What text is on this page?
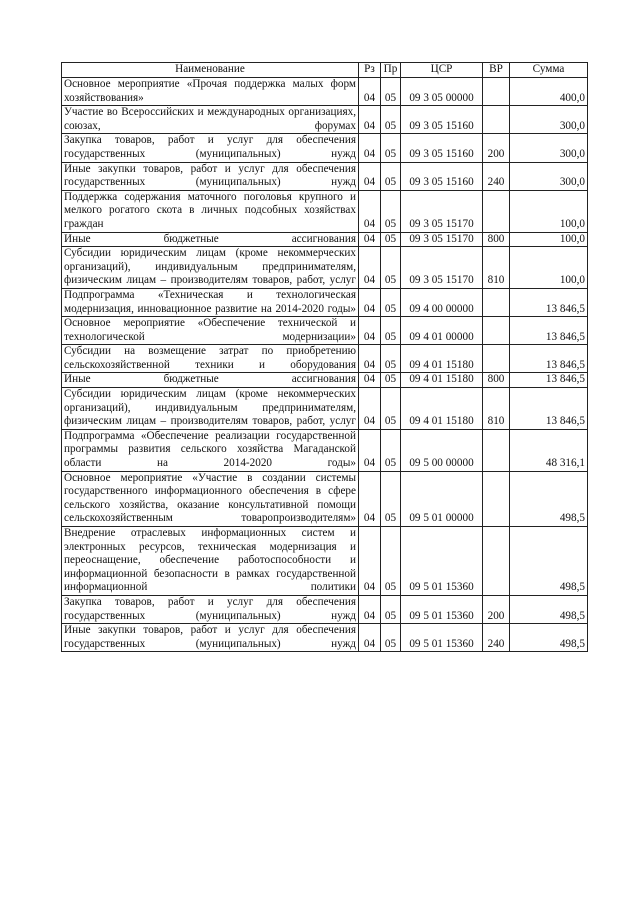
Наименование	Рз	Пр	ЦСР	ВР	Сумма
Основное мероприятие «Прочая поддержка малых форм хозяйствования»	04	05	09 3 05 00000		400,0
Участие во Всероссийских и международных организациях, союзах, форумах	04	05	09 3 05 15160		300,0
Закупка товаров, работ и услуг для обеспечения государственных (муниципальных) нужд	04	05	09 3 05 15160	200	300,0
Иные закупки товаров, работ и услуг для обеспечения государственных (муниципальных) нужд	04	05	09 3 05 15160	240	300,0
Поддержка содержания маточного поголовья крупного и мелкого рогатого скота в личных подсобных хозяйствах граждан	04	05	09 3 05 15170		100,0
Иные бюджетные ассигнования	04	05	09 3 05 15170	800	100,0
Субсидии юридическим лицам (кроме некоммерческих организаций), индивидуальным предпринимателям, физическим лицам – производителям товаров, работ, услуг	04	05	09 3 05 15170	810	100,0
Подпрограмма «Техническая и технологическая модернизация, инновационное развитие на 2014-2020 годы»	04	05	09 4 00 00000		13 846,5
Основное мероприятие «Обеспечение технической и технологической модернизации»	04	05	09 4 01 00000		13 846,5
Субсидии на возмещение затрат по приобретению сельскохозяйственной техники и оборудования	04	05	09 4 01 15180		13 846,5
Иные бюджетные ассигнования	04	05	09 4 01 15180	800	13 846,5
Субсидии юридическим лицам (кроме некоммерческих организаций), индивидуальным предпринимателям, физическим лицам – производителям товаров, работ, услуг	04	05	09 4 01 15180	810	13 846,5
Подпрограмма «Обеспечение реализации государственной программы развития сельского хозяйства Магаданской области на 2014-2020 годы»	04	05	09 5 00 00000		48 316,1
Основное мероприятие «Участие в создании системы государственного информационного обеспечения в сфере сельского хозяйства, оказание консультативной помощи сельскохозяйственным товаропроизводителям»	04	05	09 5 01 00000		498,5
Внедрение отраслевых информационных систем и электронных ресурсов, техническая модернизация и переоснащение, обеспечение работоспособности и информационной безопасности в рамках государственной информационной политики	04	05	09 5 01 15360		498,5
Закупка товаров, работ и услуг для обеспечения государственных (муниципальных) нужд	04	05	09 5 01 15360	200	498,5
Иные закупки товаров, работ и услуг для обеспечения государственных (муниципальных) нужд	04	05	09 5 01 15360	240	498,5
